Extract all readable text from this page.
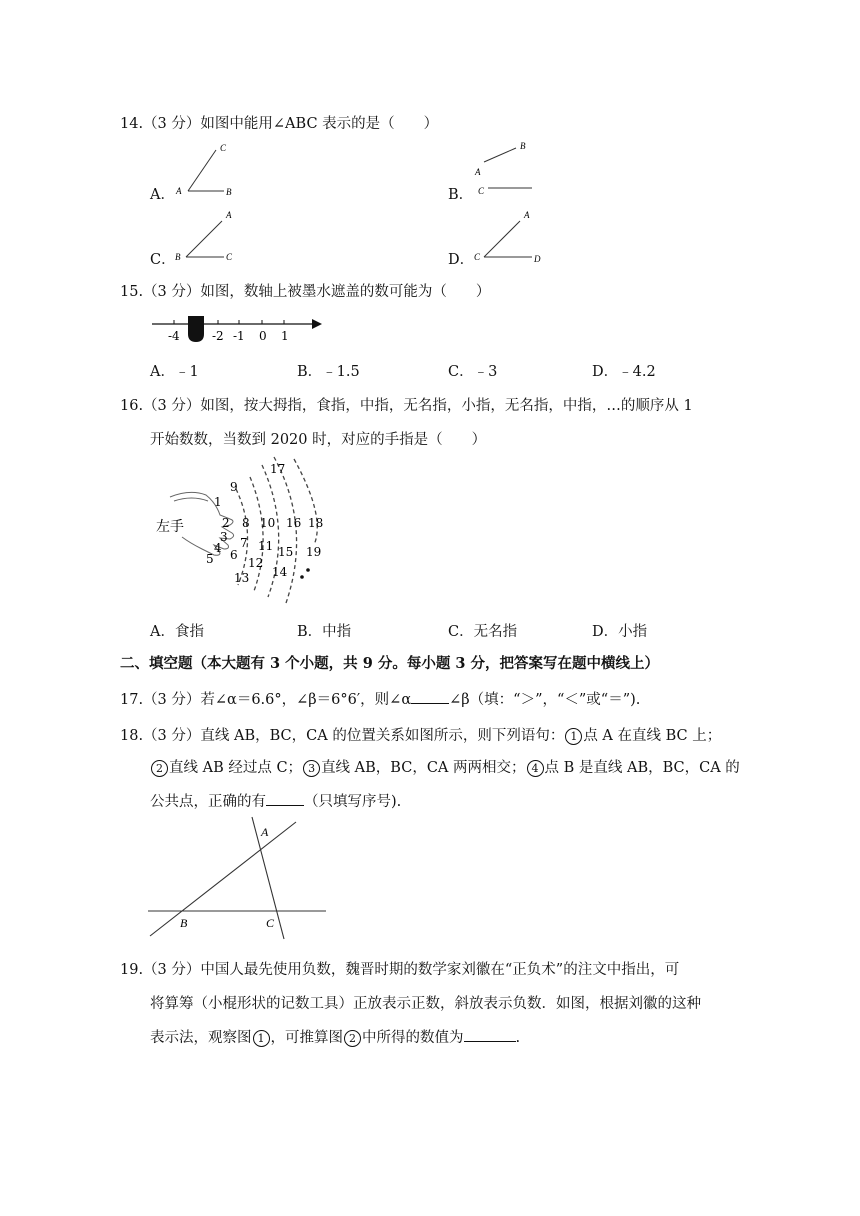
14.（3 分）如图中能用∠ABC 表示的是（　　）
A．
C
A	B	B．
B
A
C
C．
A
B	C	D．
A
C	D
15.（3 分）如图，数轴上被墨水遮盖的数可能为（　　）
-4	-2 -1 0 1
A．﹣1	B．﹣1.5	C．﹣3	D．﹣4.2
16.（3 分）如图，按大拇指，食指，中指，无名指，小指，无名指，中指，…的顺序从 1
开始数数，当数到 2020 时，对应的手指是（　　）
左手
1
2
3
4
5 6
7
8
9
10
11
12
13 14
15
16
17
18
19
A．食指	B．中指	C．无名指	D．小指
二、填空题（本大题有 3 个小题，共 9 分。每小题 3 分，把答案写在题中横线上）
17.（3 分）若∠α＝6.6°，∠β＝6°6′，则∠α	∠β（填：“＞”，“＜”或“＝”).
18.（3 分）直线 AB，BC，CA 的位置关系如图所示，则下列语句： 1 点 A 在直线 BC 上；
2 直线 AB 经过点 C； 3 直线 AB，BC，CA 两两相交； 4 点 B 是直线 AB，BC，CA 的
公共点，正确的有	（只填写序号).
A
B	C
19.（3 分）中国人最先使用负数，魏晋时期的数学家刘徽在“正负术”的注文中指出，可
将算筹（小棍形状的记数工具）正放表示正数，斜放表示负数．如图，根据刘徽的这种
表示法，观察图 1 ，可推算图 2 中所得的数值为	.
